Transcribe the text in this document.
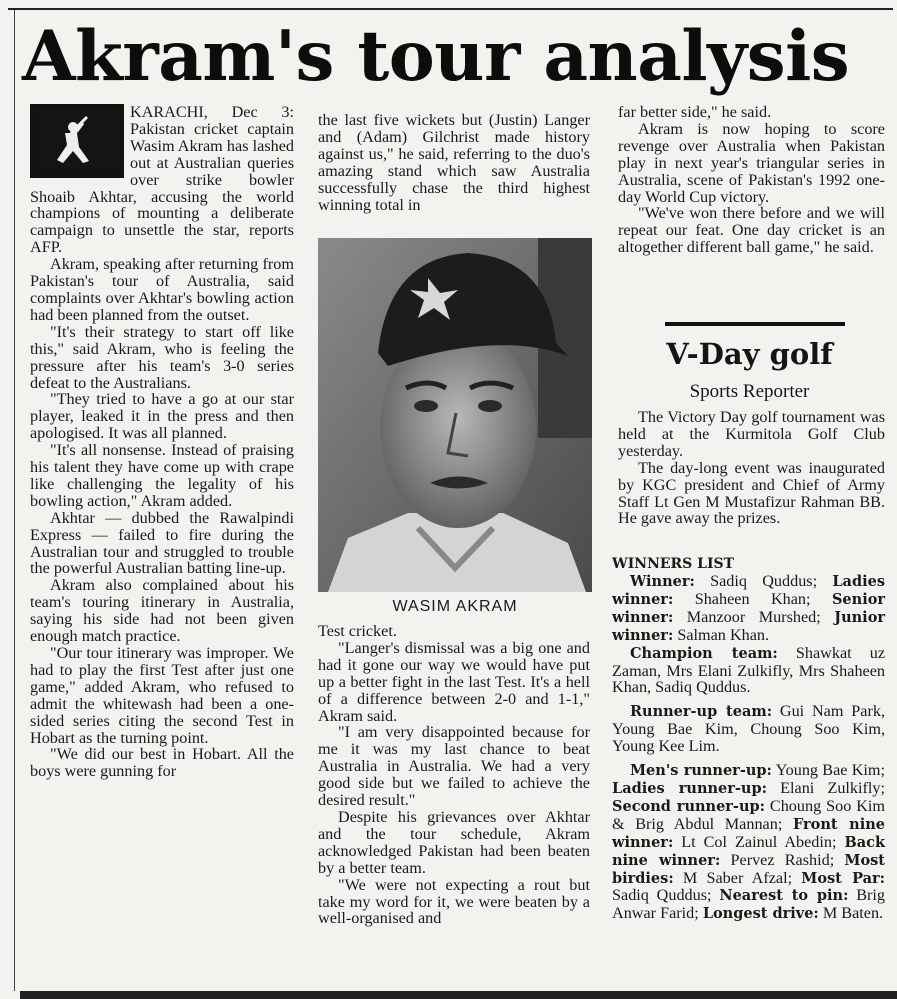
Akram's tour analysis

KARACHI, Dec 3: Pakistan cricket captain Wasim Akram has lashed out at Australian queries over strike bowler Shoaib Akhtar, accusing the world champions of mounting a deliberate campaign to unsettle the star, reports AFP.

Akram, speaking after returning from Pakistan's tour of Australia, said complaints over Akhtar's bowling action had been planned from the outset.

"It's their strategy to start off like this," said Akram, who is feeling the pressure after his team's 3-0 series defeat to the Australians.

"They tried to have a go at our star player, leaked it in the press and then apologised. It was all planned.

"It's all nonsense. Instead of praising his talent they have come up with crape like challenging the legality of his bowling action," Akram added.

Akhtar — dubbed the Rawalpindi Express — failed to fire during the Australian tour and struggled to trouble the powerful Australian batting line-up.

Akram also complained about his team's touring itinerary in Australia, saying his side had not been given enough match practice.

"Our tour itinerary was improper. We had to play the first Test after just one game," added Akram, who refused to admit the whitewash had been a one-sided series citing the second Test in Hobart as the turning point.

"We did our best in Hobart. All the boys were gunning for

the last five wickets but (Justin) Langer and (Adam) Gilchrist made history against us," he said, referring to the duo's amazing stand which saw Australia successfully chase the third highest winning total in

WASIM AKRAM

Test cricket.

"Langer's dismissal was a big one and had it gone our way we would have put up a better fight in the last Test. It's a hell of a difference between 2-0 and 1-1," Akram said.

"I am very disappointed because for me it was my last chance to beat Australia in Australia. We had a very good side but we failed to achieve the desired result."

Despite his grievances over Akhtar and the tour schedule, Akram acknowledged Pakistan had been beaten by a better team.

"We were not expecting a rout but take my word for it, we were beaten by a well-organised and

far better side," he said.

Akram is now hoping to score revenge over Australia when Pakistan play in next year's triangular series in Australia, scene of Pakistan's 1992 one-day World Cup victory.

"We've won there before and we will repeat our feat. One day cricket is an altogether different ball game," he said.

V-Day golf
Sports Reporter

The Victory Day golf tournament was held at the Kurmitola Golf Club yesterday.

The day-long event was inaugurated by KGC president and Chief of Army Staff Lt Gen M Mustafizur Rahman BB. He gave away the prizes.

WINNERS LIST

Winner: Sadiq Quddus; Ladies winner: Shaheen Khan; Senior winner: Manzoor Murshed; Junior winner: Salman Khan.

Champion team: Shawkat uz Zaman, Mrs Elani Zulkifly, Mrs Shaheen Khan, Sadiq Quddus.

Runner-up team: Gui Nam Park, Young Bae Kim, Choung Soo Kim, Young Kee Lim.

Men's runner-up: Young Bae Kim; Ladies runner-up: Elani Zulkifly; Second runner-up: Choung Soo Kim & Brig Abdul Mannan; Front nine winner: Lt Col Zainul Abedin; Back nine winner: Pervez Rashid; Most birdies: M Saber Afzal; Most Par: Sadiq Quddus; Nearest to pin: Brig Anwar Farid; Longest drive: M Baten.
